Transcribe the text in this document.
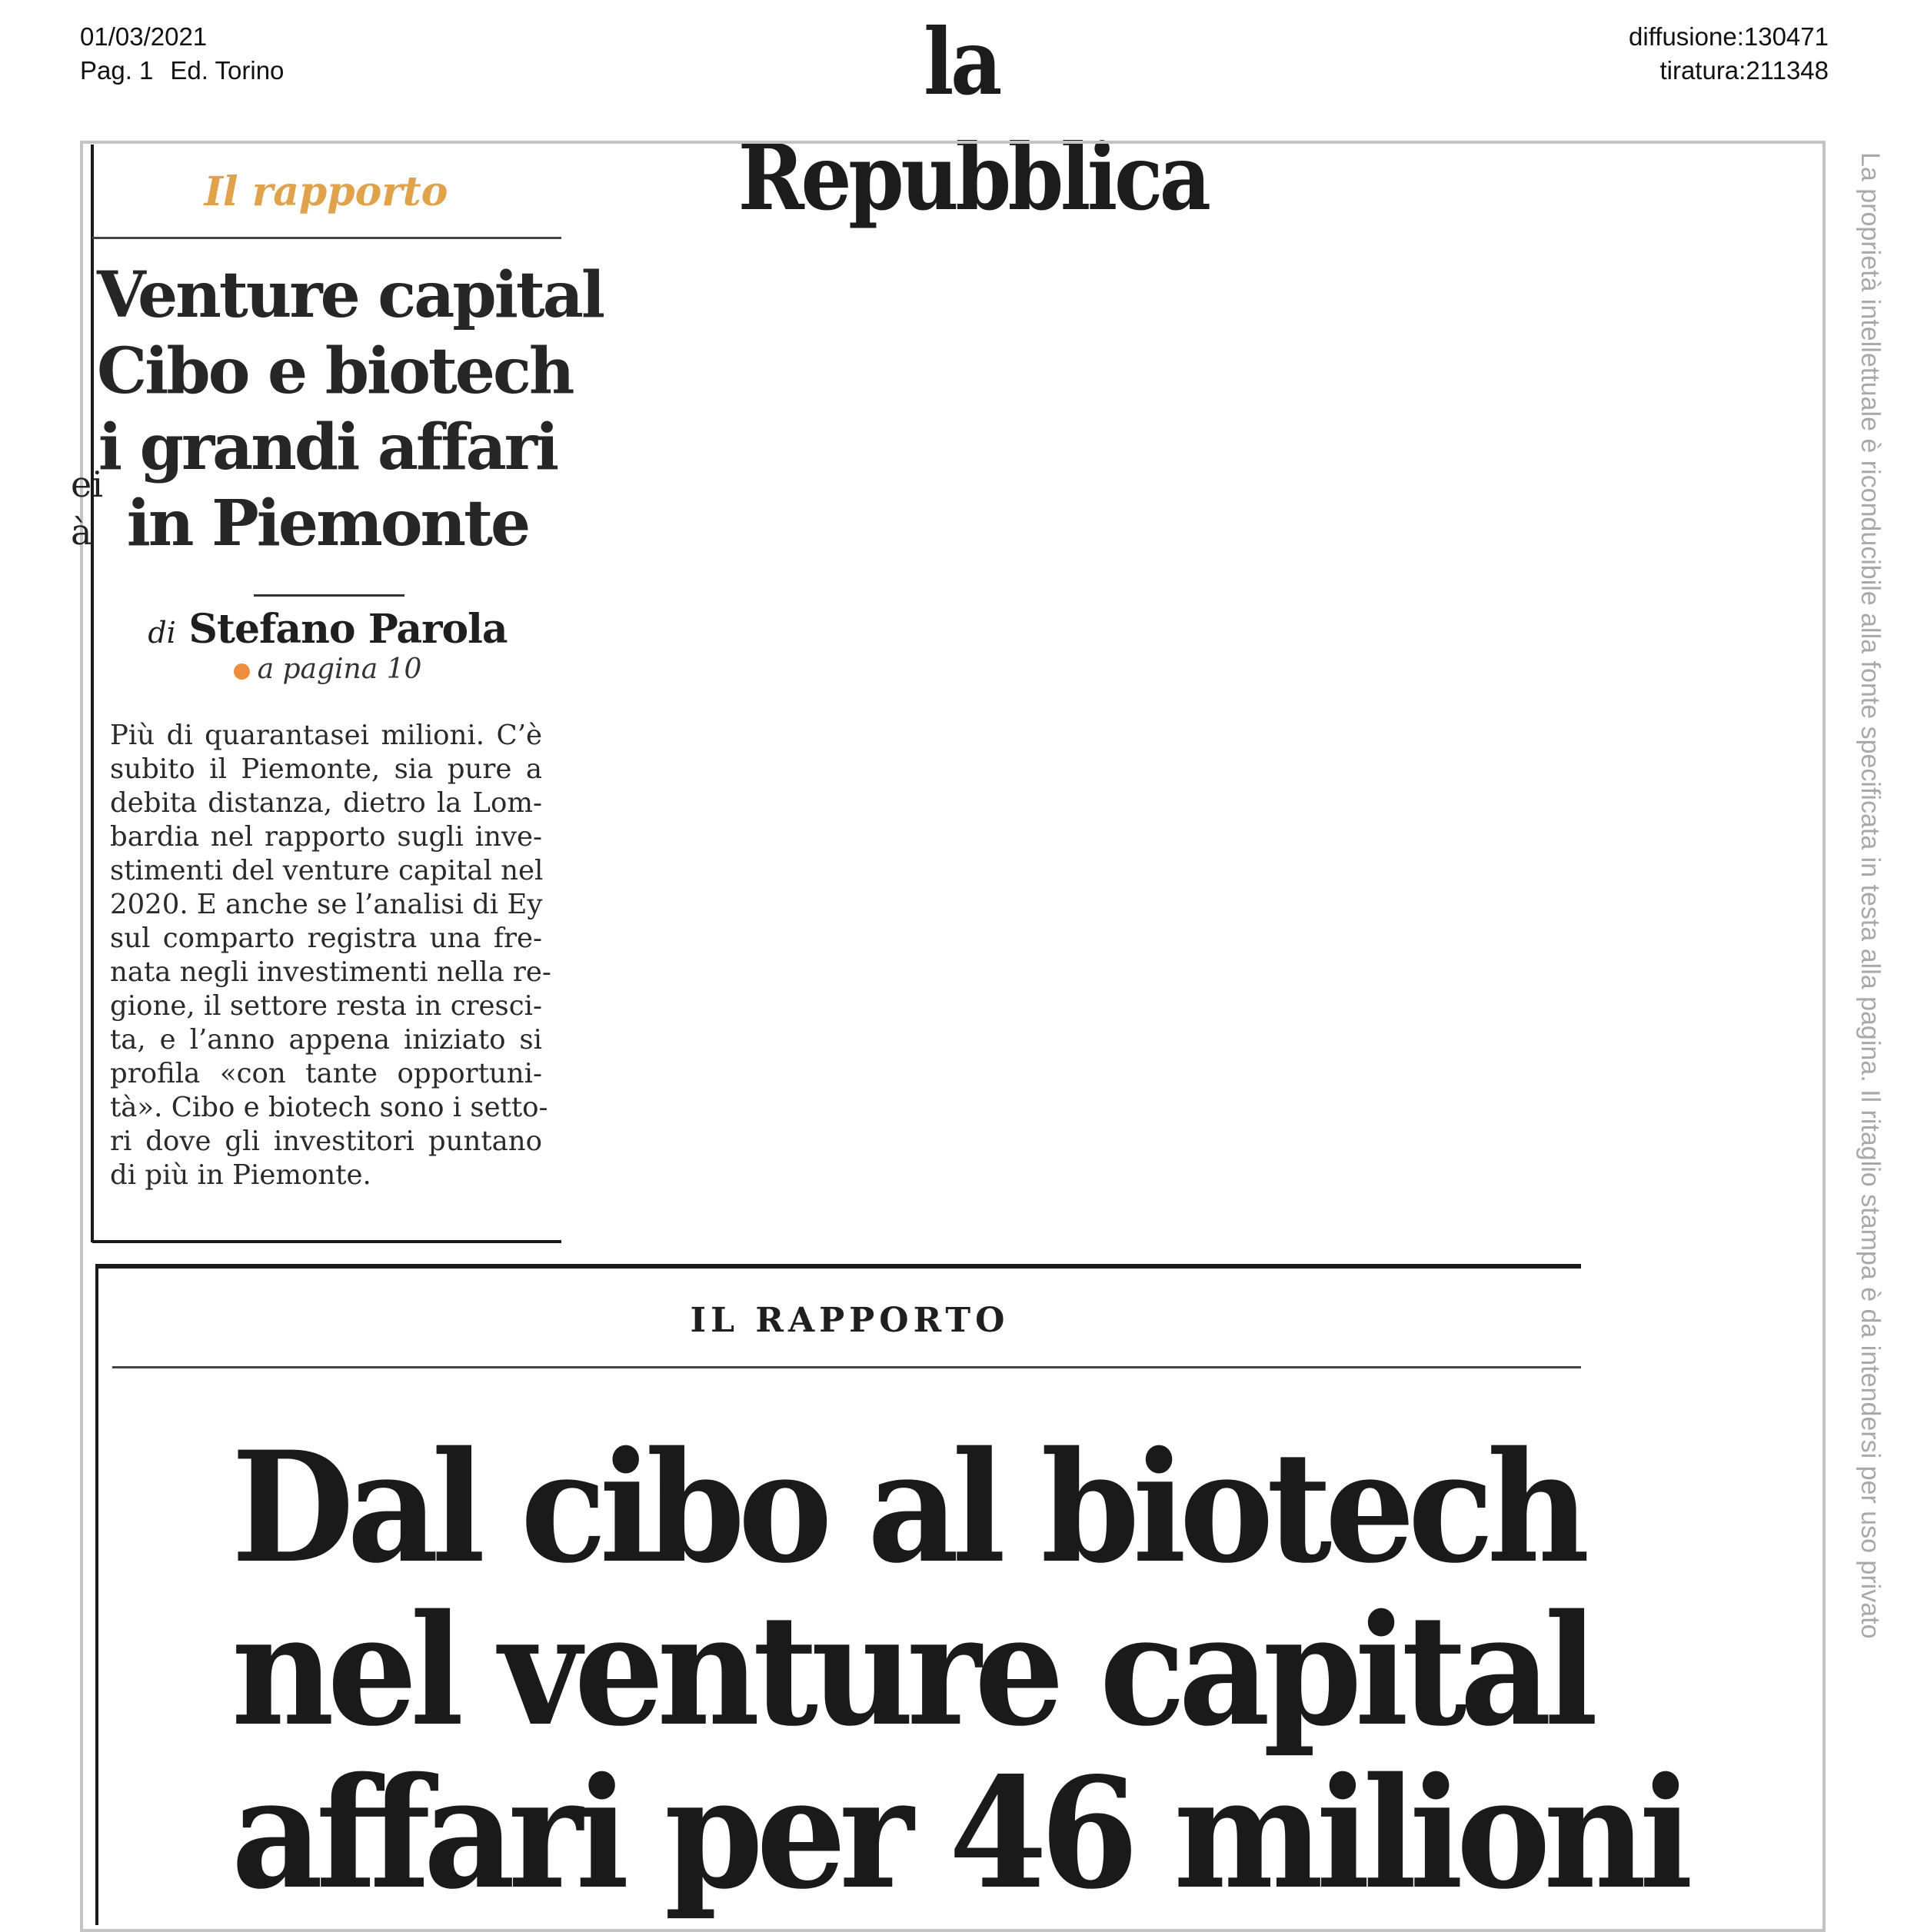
01/03/2021
Pag. 1 Ed. Torino	la Repubblica
diffusione:130471
tiratura:211348
La proprietà intellettuale è riconducibile alla fonte specificata in testa alla pagina. Il ritaglio stampa è da intendersi per uso privato
Il rapporto
Venture capital
Cibo e biotech
i grandi affari
in Piemonte
ei
à
di Stefano Parola
a pagina 10
Più di quarantasei milioni. C’è
subito il Piemonte, sia pure a
debita distanza, dietro la Lom-
bardia nel rapporto sugli inve-
stimenti del venture capital nel
2020. E anche se l’analisi di Ey
sul comparto registra una fre-
nata negli investimenti nella re-
gione, il settore resta in cresci-
ta, e l’anno appena iniziato si
profila «con tante opportuni-
tà». Cibo e biotech sono i setto-
ri dove gli investitori puntano
di più in Piemonte.
IL RAPPORTO
Dal cibo al biotech
nel venture capital
affari per 46 milioni
